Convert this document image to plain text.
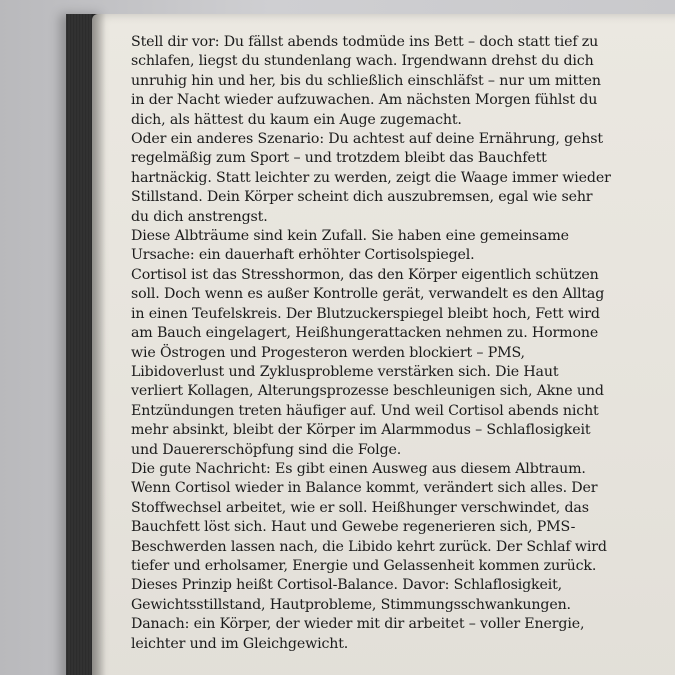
Stell dir vor: Du fällst abends todmüde ins Bett – doch statt tief zu
schlafen, liegst du stundenlang wach. Irgendwann drehst du dich
unruhig hin und her, bis du schließlich einschläfst – nur um mitten
in der Nacht wieder aufzuwachen. Am nächsten Morgen fühlst du
dich, als hättest du kaum ein Auge zugemacht.
Oder ein anderes Szenario: Du achtest auf deine Ernährung, gehst
regelmäßig zum Sport – und trotzdem bleibt das Bauchfett
hartnäckig. Statt leichter zu werden, zeigt die Waage immer wieder
Stillstand. Dein Körper scheint dich auszubremsen, egal wie sehr
du dich anstrengst.
Diese Albträume sind kein Zufall. Sie haben eine gemeinsame
Ursache: ein dauerhaft erhöhter Cortisolspiegel.
Cortisol ist das Stresshormon, das den Körper eigentlich schützen
soll. Doch wenn es außer Kontrolle gerät, verwandelt es den Alltag
in einen Teufelskreis. Der Blutzuckerspiegel bleibt hoch, Fett wird
am Bauch eingelagert, Heißhungerattacken nehmen zu. Hormone
wie Östrogen und Progesteron werden blockiert – PMS,
Libidoverlust und Zyklusprobleme verstärken sich. Die Haut
verliert Kollagen, Alterungsprozesse beschleunigen sich, Akne und
Entzündungen treten häufiger auf. Und weil Cortisol abends nicht
mehr absinkt, bleibt der Körper im Alarmmodus – Schlaflosigkeit
und Dauererschöpfung sind die Folge.
Die gute Nachricht: Es gibt einen Ausweg aus diesem Albtraum.
Wenn Cortisol wieder in Balance kommt, verändert sich alles. Der
Stoffwechsel arbeitet, wie er soll. Heißhunger verschwindet, das
Bauchfett löst sich. Haut und Gewebe regenerieren sich, PMS-
Beschwerden lassen nach, die Libido kehrt zurück. Der Schlaf wird
tiefer und erholsamer, Energie und Gelassenheit kommen zurück.
Dieses Prinzip heißt Cortisol-Balance. Davor: Schlaflosigkeit,
Gewichtsstillstand, Hautprobleme, Stimmungsschwankungen.
Danach: ein Körper, der wieder mit dir arbeitet – voller Energie,
leichter und im Gleichgewicht.
